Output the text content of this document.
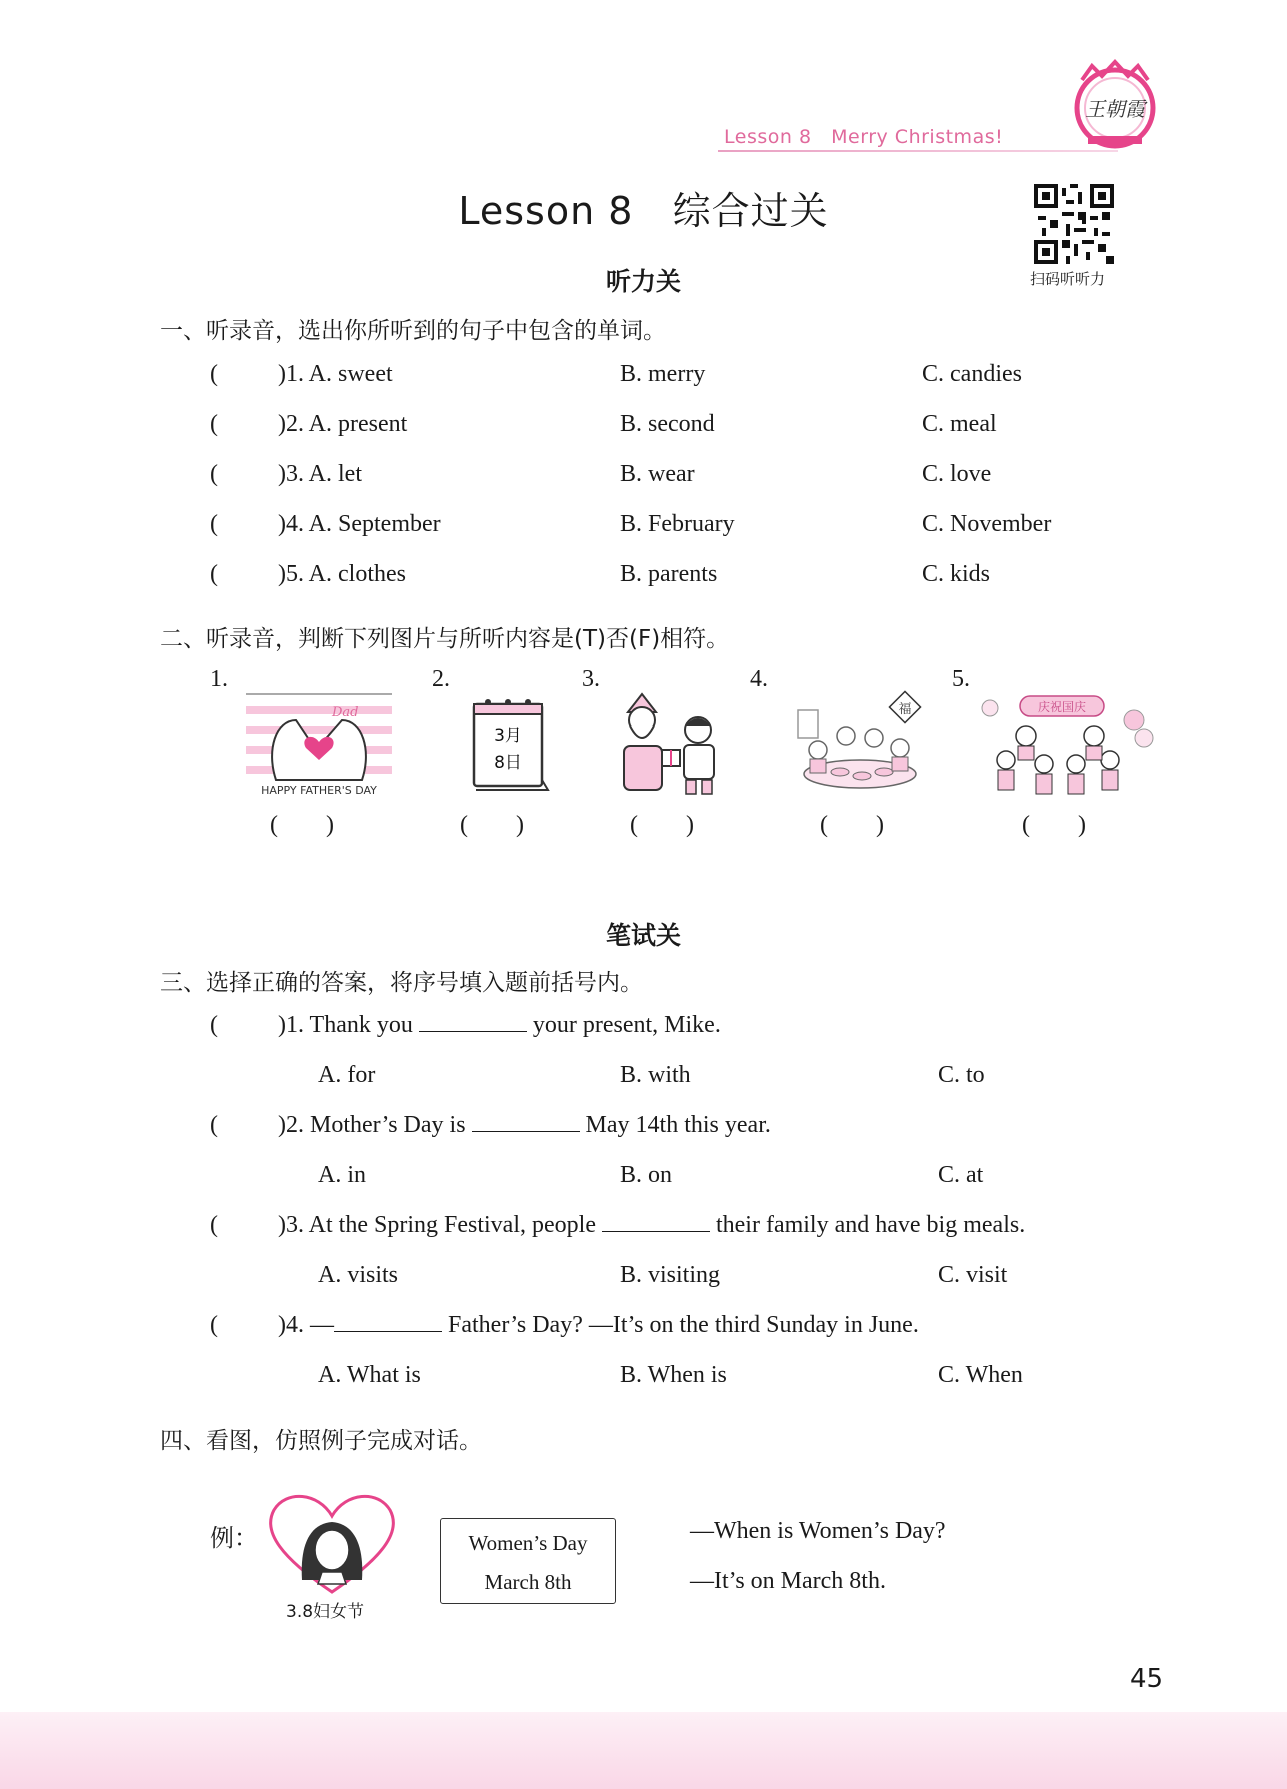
王朝霞
Lesson 8   Merry Christmas!
Lesson 8   综合过关
扫码听听力
听力关
一、听录音，选出你所听到的句子中包含的单词。
(	)1. A. sweet	B. merry	C. candies
(	)2. A. present	B. second	C. meal
(	)3. A. let	B. wear	C. love
(	)4. A. September	B. February	C. November
(	)5. A. clothes	B. parents	C. kids
二、听录音，判断下列图片与所听内容是(T)否(F)相符。
1.	2.	3.	4.	5.
Dad
HAPPY FATHER'S DAY
3月
8日
福	庆祝国庆
(        )	(        )	(        )	(        )	(        )
笔试关
三、选择正确的答案，将序号填入题前括号内。
(	)1. Thank you	your present, Mike.
A. for	B. with	C. to
(	)2. Mother’s Day is	May 14th this year.
A. in	B. on	C. at
(	)3. At the Spring Festival, people	their family and have big meals.
A. visits	B. visiting	C. visit
(	)4. —	Father’s Day? —It’s on the third Sunday in June.
A. What is	B. When is	C. When
四、看图，仿照例子完成对话。
例：
3.8妇女节
Women’s Day
March 8th
—When is Women’s Day?
—It’s on March 8th.
45
